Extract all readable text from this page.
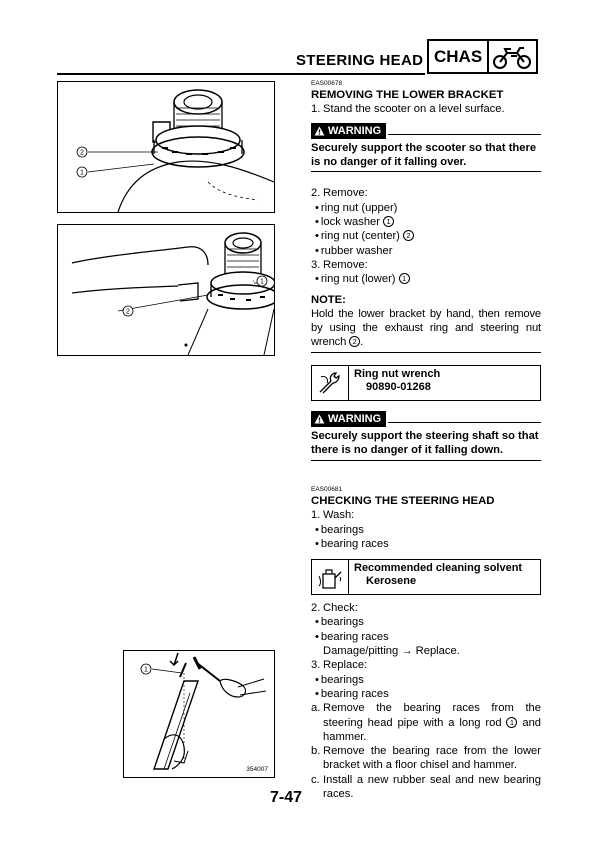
STEERING HEAD CHAS
2
1
1
2
1
354007
EAS00678
REMOVING THE LOWER BRACKET
1. Stand the scooter on a level surface.
WARNING
Securely support the scooter so that there is no danger of it falling over.
2. Remove:
• ring nut (upper)
• lock washer 1
• ring nut (center) 2
• rubber washer
3. Remove:
• ring nut (lower) 1
NOTE:
Hold the lower bracket by hand, then remove by using the exhaust ring and steering nut wrench 2 .
Ring nut wrench
90890-01268
WARNING
Securely support the steering shaft so that there is no danger of it falling down.
EAS00681
CHECKING THE STEERING HEAD
1. Wash:
• bearings
• bearing races
Recommended cleaning solvent
Kerosene
2. Check:
• bearings
• bearing races
Damage/pitting → Replace.
3. Replace:
• bearings
• bearing races
a. Remove the bearing races from the steering head pipe with a long rod 1 and hammer.
b. Remove the bearing race from the lower bracket with a floor chisel and hammer.
c. Install a new rubber seal and new bearing races.
7-47
